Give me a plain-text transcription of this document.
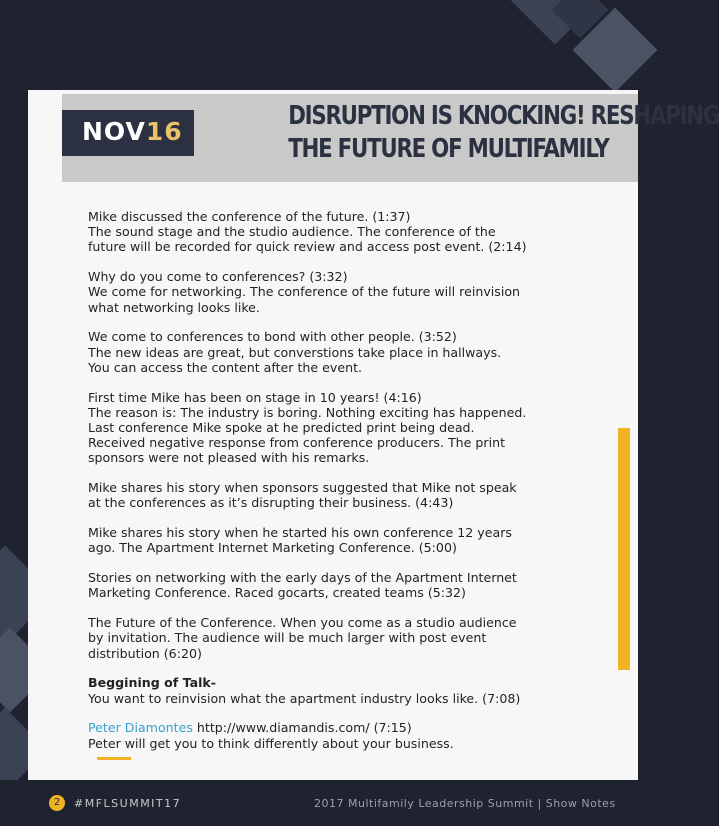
NOV16
DISRUPTION IS KNOCKING! RESHAPING
THE FUTURE OF MULTIFAMILY
Mike discussed the conference of the future. (1:37)
The sound stage and the studio audience. The conference of the
future will be recorded for quick review and access post event. (2:14)
Why do you come to conferences? (3:32)
We come for networking. The conference of the future will reinvision
what networking looks like.
We come to conferences to bond with other people. (3:52)
The new ideas are great, but converstions take place in hallways.
You can access the content after the event.
First time Mike has been on stage in 10 years! (4:16)
The reason is: The industry is boring. Nothing exciting has happened.
Last conference Mike spoke at he predicted print being dead.
Received negative response from conference producers. The print
sponsors were not pleased with his remarks.
Mike shares his story when sponsors suggested that Mike not speak
at the conferences as it’s disrupting their business. (4:43)
Mike shares his story when he started his own conference 12 years
ago. The Apartment Internet Marketing Conference. (5:00)
Stories on networking with the early days of the Apartment Internet
Marketing Conference. Raced gocarts, created teams (5:32)
The Future of the Conference. When you come as a studio audience
by invitation. The audience will be much larger with post event
distribution (6:20)
Beggining of Talk-
You want to reinvision what the apartment industry looks like. (7:08)
Peter Diamontes http://www.diamandis.com/ (7:15)
Peter will get you to think differently about your business.
2	#MFLSUMMIT17	2017 Multifamily Leadership Summit | Show Notes
